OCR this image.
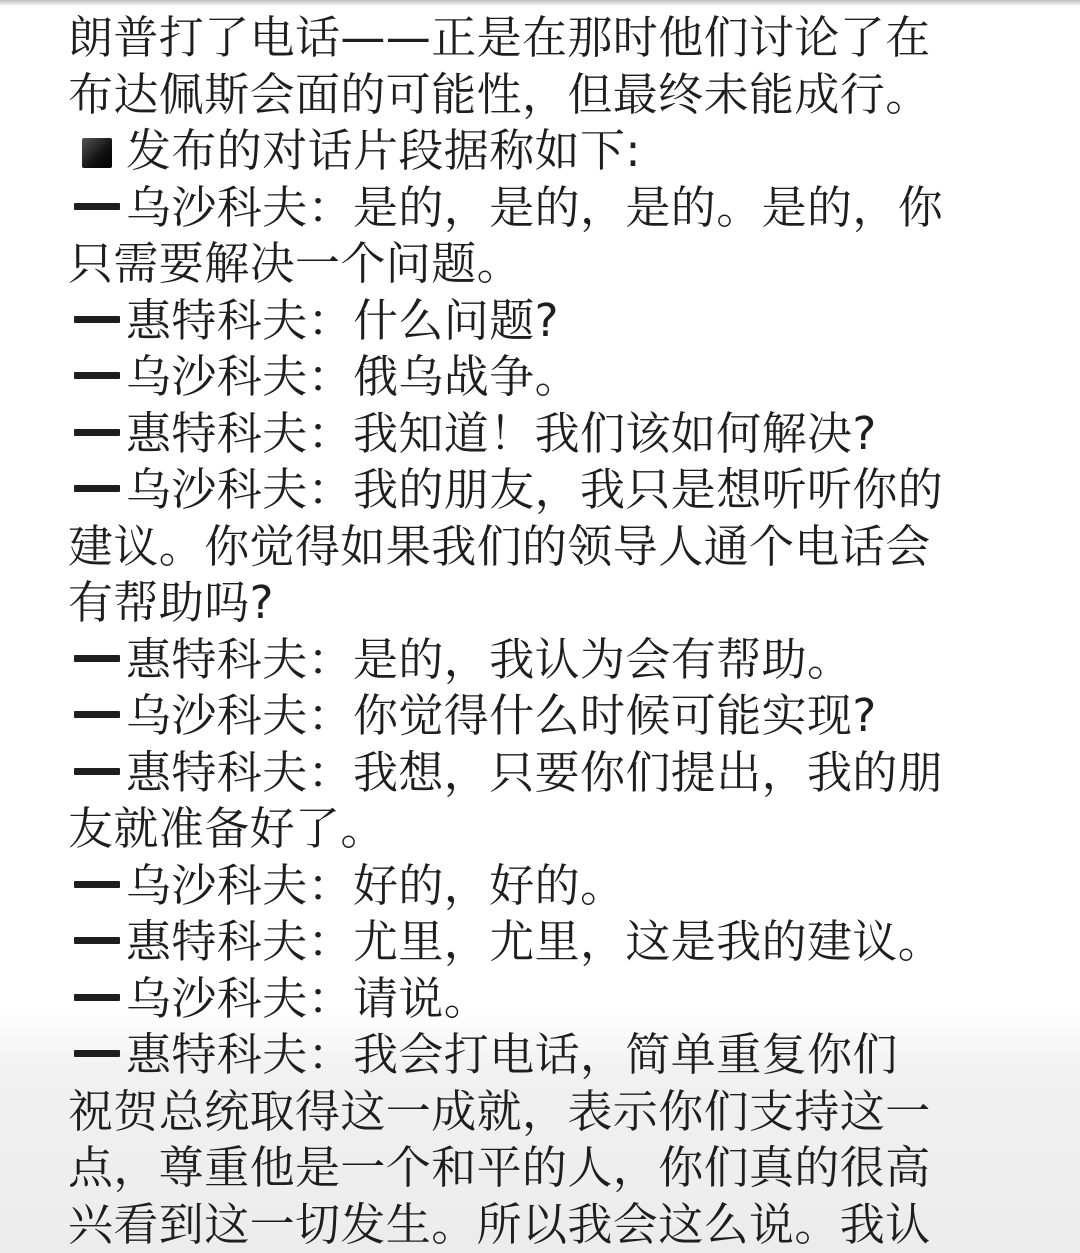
朗普打了电话——正是在那时他们讨论了在
布达佩斯会面的可能性，但最终未能成行。
发布的对话片段据称如下:
乌沙科夫：是的，是的，是的。是的，你
只需要解决一个问题。
惠特科夫：什么问题?
乌沙科夫：俄乌战争。
惠特科夫：我知道！我们该如何解决?
乌沙科夫：我的朋友，我只是想听听你的
建议。你觉得如果我们的领导人通个电话会
有帮助吗?
惠特科夫：是的，我认为会有帮助。
乌沙科夫：你觉得什么时候可能实现?
惠特科夫：我想，只要你们提出，我的朋
友就准备好了。
乌沙科夫：好的，好的。
惠特科夫：尤里，尤里，这是我的建议。
乌沙科夫：请说。
惠特科夫：我会打电话，简单重复你们
祝贺总统取得这一成就，表示你们支持这一
点，尊重他是一个和平的人，你们真的很高
兴看到这一切发生。所以我会这么说。我认
